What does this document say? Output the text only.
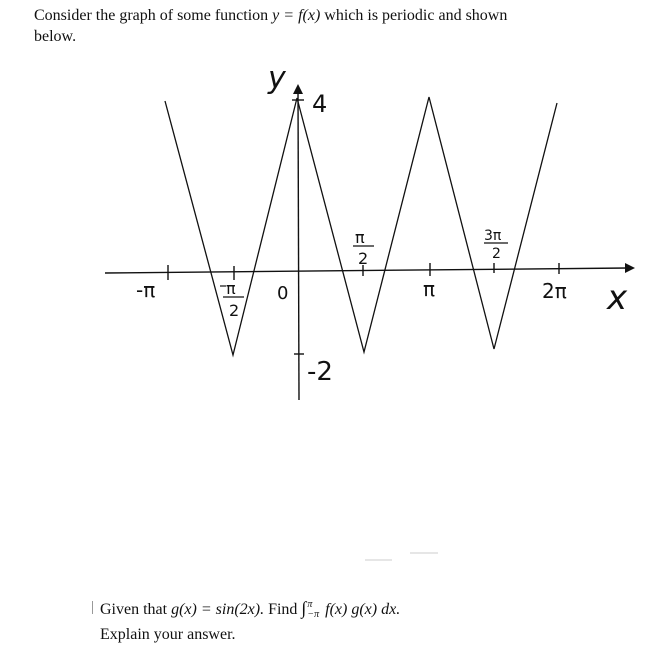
Consider the graph of some function y = f(x) which is periodic and shown
below.
y
4
-2
0	x
-π	π
2
π
2
π
3π
2
2π
Given that g(x) = sin(2x). Find ∫ π
−π f(x) g(x) dx.
Explain your answer.
